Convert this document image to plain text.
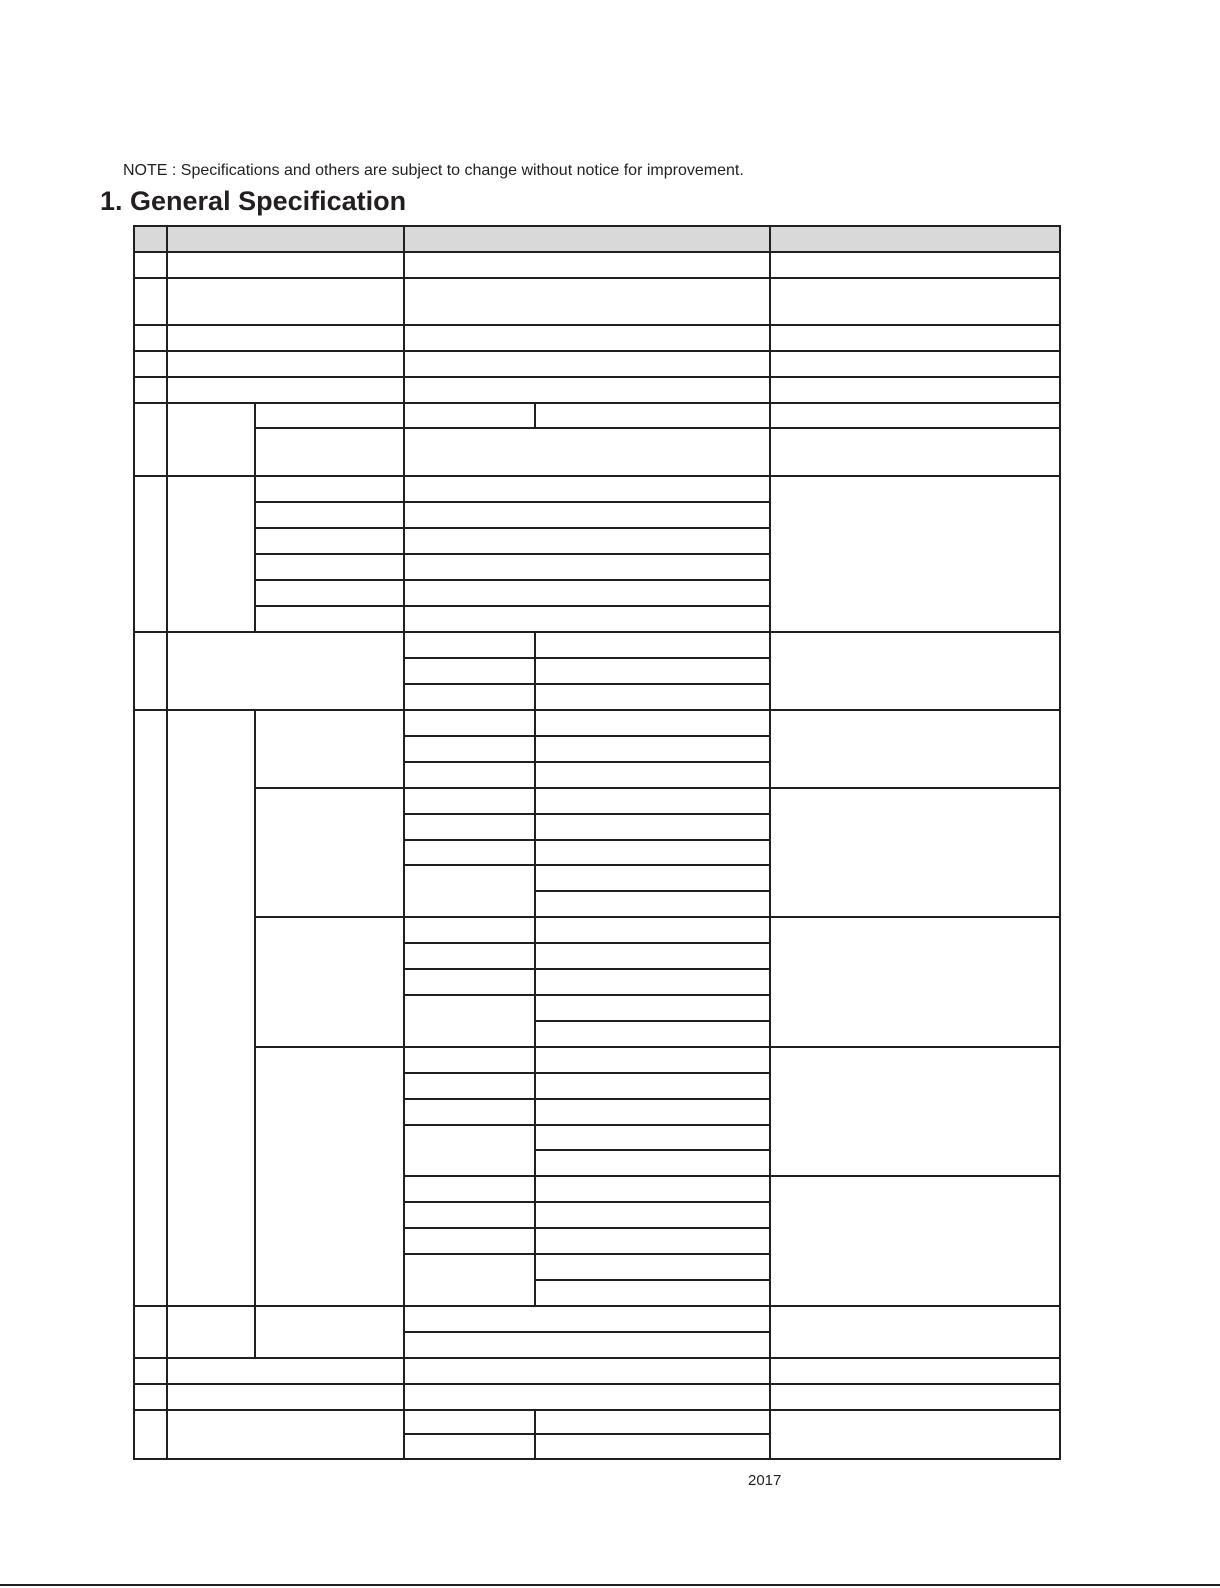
NOTE : Specifications and others are subject to change without notice for improvement.
1. General Specification
2017
